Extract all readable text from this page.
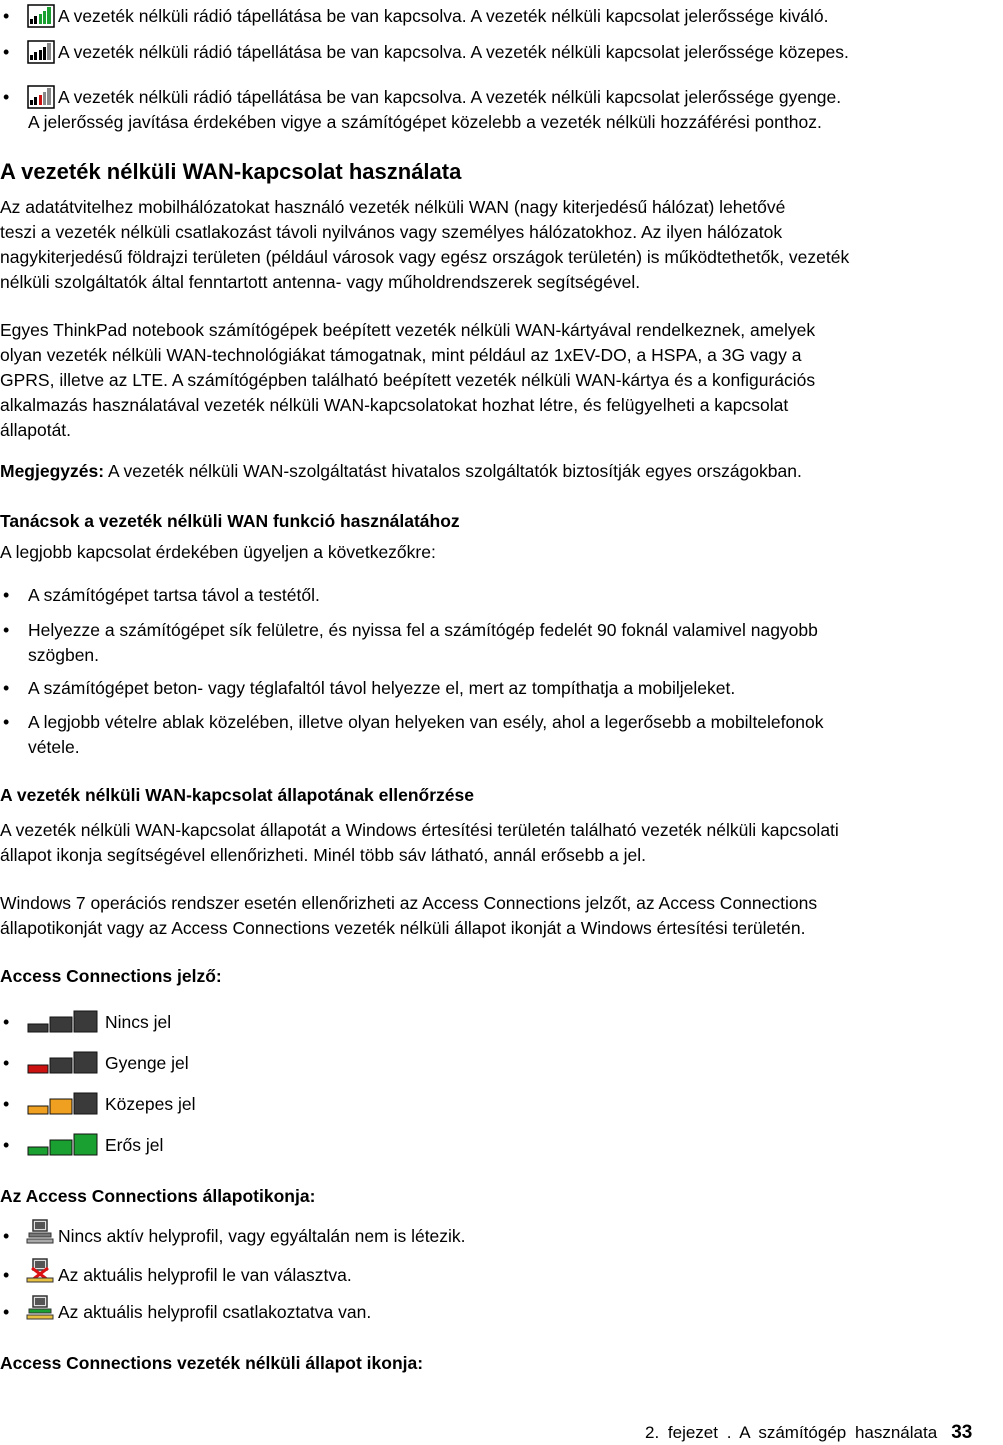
•
A vezeték nélküli rádió tápellátása be van kapcsolva. A vezeték nélküli kapcsolat jelerőssége kiváló.
•
A vezeték nélküli rádió tápellátása be van kapcsolva. A vezeték nélküli kapcsolat jelerőssége közepes.
•
A vezeték nélküli rádió tápellátása be van kapcsolva. A vezeték nélküli kapcsolat jelerőssége gyenge.
A jelerősség javítása érdekében vigye a számítógépet közelebb a vezeték nélküli hozzáférési ponthoz.
A vezeték nélküli WAN-kapcsolat használata
Az adatátvitelhez mobilhálózatokat használó vezeték nélküli WAN (nagy kiterjedésű hálózat) lehetővé
teszi a vezeték nélküli csatlakozást távoli nyilvános vagy személyes hálózatokhoz. Az ilyen hálózatok
nagykiterjedésű földrajzi területen (például városok vagy egész országok területén) is működtethetők, vezeték
nélküli szolgáltatók által fenntartott antenna- vagy műholdrendszerek segítségével.
Egyes ThinkPad notebook számítógépek beépített vezeték nélküli WAN-kártyával rendelkeznek, amelyek
olyan vezeték nélküli WAN-technológiákat támogatnak, mint például az 1xEV-DO, a HSPA, a 3G vagy a
GPRS, illetve az LTE. A számítógépben található beépített vezeték nélküli WAN-kártya és a konfigurációs
alkalmazás használatával vezeték nélküli WAN-kapcsolatokat hozhat létre, és felügyelheti a kapcsolat
állapotát.
Megjegyzés: A vezeték nélküli WAN-szolgáltatást hivatalos szolgáltatók biztosítják egyes országokban.
Tanácsok a vezeték nélküli WAN funkció használatához
A legjobb kapcsolat érdekében ügyeljen a következőkre:
•
A számítógépet tartsa távol a testétől.
•
Helyezze a számítógépet sík felületre, és nyissa fel a számítógép fedelét 90 foknál valamivel nagyobb
szögben.
•
A számítógépet beton- vagy téglafaltól távol helyezze el, mert az tompíthatja a mobiljeleket.
•
A legjobb vételre ablak közelében, illetve olyan helyeken van esély, ahol a legerősebb a mobiltelefonok
vétele.
A vezeték nélküli WAN-kapcsolat állapotának ellenőrzése
A vezeték nélküli WAN-kapcsolat állapotát a Windows értesítési területén található vezeték nélküli kapcsolati
állapot ikonja segítségével ellenőrizheti. Minél több sáv látható, annál erősebb a jel.
Windows 7 operációs rendszer esetén ellenőrizheti az Access Connections jelzőt, az Access Connections
állapotikonját vagy az Access Connections vezeték nélküli állapot ikonját a Windows értesítési területén.
Access Connections jelző:
•
Nincs jel
•
Gyenge jel
•
Közepes jel
•
Erős jel
Az Access Connections állapotikonja:
•
Nincs aktív helyprofil, vagy egyáltalán nem is létezik.
•
Az aktuális helyprofil le van választva.
•
Az aktuális helyprofil csatlakoztatva van.
Access Connections vezeték nélküli állapot ikonja:
2. fejezet . A számítógép használata 33
